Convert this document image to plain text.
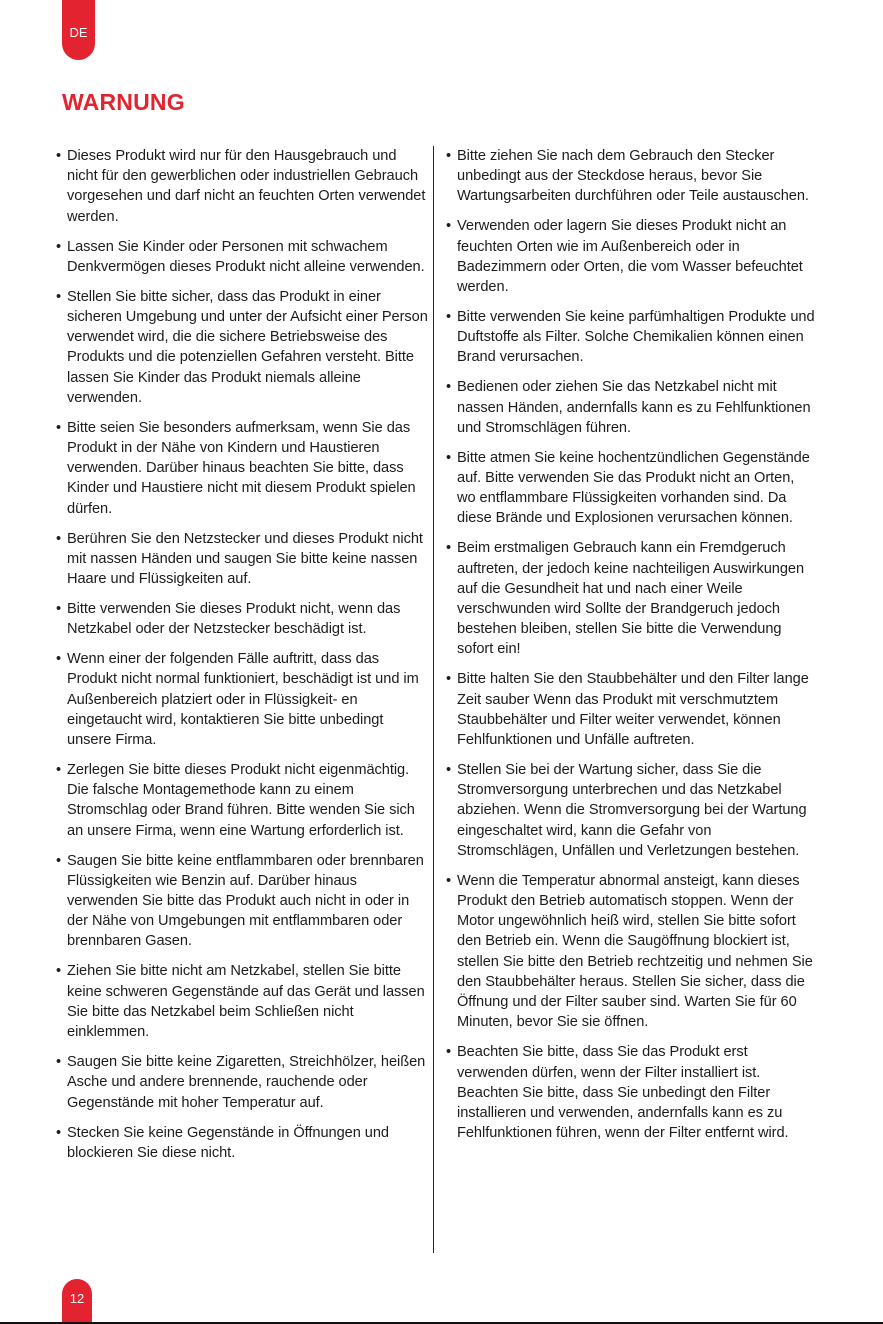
DE
WARNUNG
• Dieses Produkt wird nur für den Hausgebrauch und nicht für den gewerblichen oder industriellen Gebrauch vorgesehen und darf nicht an feuchten Orten verwendet werden.
• Lassen Sie Kinder oder Personen mit schwachem Denkvermögen dieses Produkt nicht alleine verwenden.
• Stellen Sie bitte sicher, dass das Produkt in einer sicheren Umgebung und unter der Aufsicht einer Person verwendet wird, die die sichere Betriebsweise des Produkts und die potenziellen Gefahren versteht. Bitte lassen Sie Kinder das Produkt niemals alleine verwenden.
• Bitte seien Sie besonders aufmerksam, wenn Sie das Produkt in der Nähe von Kindern und Haustieren verwenden. Darüber hinaus beachten Sie bitte, dass Kinder und Haustiere nicht mit diesem Produkt spielen dürfen.
• Berühren Sie den Netzstecker und dieses Produkt nicht mit nassen Händen und saugen Sie bitte keine nassen Haare und Flüssigkeiten auf.
• Bitte verwenden Sie dieses Produkt nicht, wenn das Netzkabel oder der Netzstecker beschädigt ist.
• Wenn einer der folgenden Fälle auftritt, dass das Produkt nicht normal funktioniert, beschädigt ist und im Außenbereich platziert oder in Flüssigkeit- en eingetaucht wird, kontaktieren Sie bitte unbedingt unsere Firma.
• Zerlegen Sie bitte dieses Produkt nicht eigenmächtig. Die falsche Montagemethode kann zu einem Stromschlag oder Brand führen. Bitte wenden Sie sich an unsere Firma, wenn eine Wartung erforderlich ist.
• Saugen Sie bitte keine entflammbaren oder brennbaren Flüssigkeiten wie Benzin auf. Darüber hinaus verwenden Sie bitte das Produkt auch nicht in oder in der Nähe von Umgebungen mit entflammbaren oder brennbaren Gasen.
• Ziehen Sie bitte nicht am Netzkabel, stellen Sie bitte keine schweren Gegenstände auf das Gerät und lassen Sie bitte das Netzkabel beim Schließen nicht einklemmen.
• Saugen Sie bitte keine Zigaretten, Streichhölzer, heißen Asche und andere brennende, rauchende oder Gegenstände mit hoher Temperatur auf.
• Stecken Sie keine Gegenstände in Öffnungen und blockieren Sie diese nicht.
• Bitte ziehen Sie nach dem Gebrauch den Stecker unbedingt aus der Steckdose heraus, bevor Sie Wartungsarbeiten durchführen oder Teile austauschen.
• Verwenden oder lagern Sie dieses Produkt nicht an feuchten Orten wie im Außenbereich oder in Badezimmern oder Orten, die vom Wasser befeuchtet werden.
• Bitte verwenden Sie keine parfümhaltigen Produkte und Duftstoffe als Filter. Solche Chemikalien können einen Brand verursachen.
• Bedienen oder ziehen Sie das Netzkabel nicht mit nassen Händen, andernfalls kann es zu Fehlfunktionen und Stromschlägen führen.
• Bitte atmen Sie keine hochentzündlichen Gegenstände auf. Bitte verwenden Sie das Produkt nicht an Orten, wo entflammbare Flüssigkeiten vorhanden sind. Da diese Brände und Explosionen verursachen können.
• Beim erstmaligen Gebrauch kann ein Fremdgeruch auftreten, der jedoch keine nachteiligen Auswirkungen auf die Gesundheit hat und nach einer Weile verschwunden wird Sollte der Brandgeruch jedoch bestehen bleiben, stellen Sie bitte die Verwendung sofort ein!
• Bitte halten Sie den Staubbehälter und den Filter lange Zeit sauber Wenn das Produkt mit verschmutztem Staubbehälter und Filter weiter verwendet, können Fehlfunktionen und Unfälle auftreten.
• Stellen Sie bei der Wartung sicher, dass Sie die Stromversorgung unterbrechen und das Netzkabel abziehen. Wenn die Stromversorgung bei der Wartung eingeschaltet wird, kann die Gefahr von Stromschlägen, Unfällen und Verletzungen bestehen.
• Wenn die Temperatur abnormal ansteigt, kann dieses Produkt den Betrieb automatisch stoppen. Wenn der Motor ungewöhnlich heiß wird, stellen Sie bitte sofort den Betrieb ein. Wenn die Saugöffnung blockiert ist, stellen Sie bitte den Betrieb rechtzeitig und nehmen Sie den Staubbehälter heraus. Stellen Sie sicher, dass die Öffnung und der Filter sauber sind. Warten Sie für 60 Minuten, bevor Sie sie öffnen.
• Beachten Sie bitte, dass Sie das Produkt erst verwenden dürfen, wenn der Filter installiert ist. Beachten Sie bitte, dass Sie unbedingt den Filter installieren und verwenden, andernfalls kann es zu Fehlfunktionen führen, wenn der Filter entfernt wird.
12
